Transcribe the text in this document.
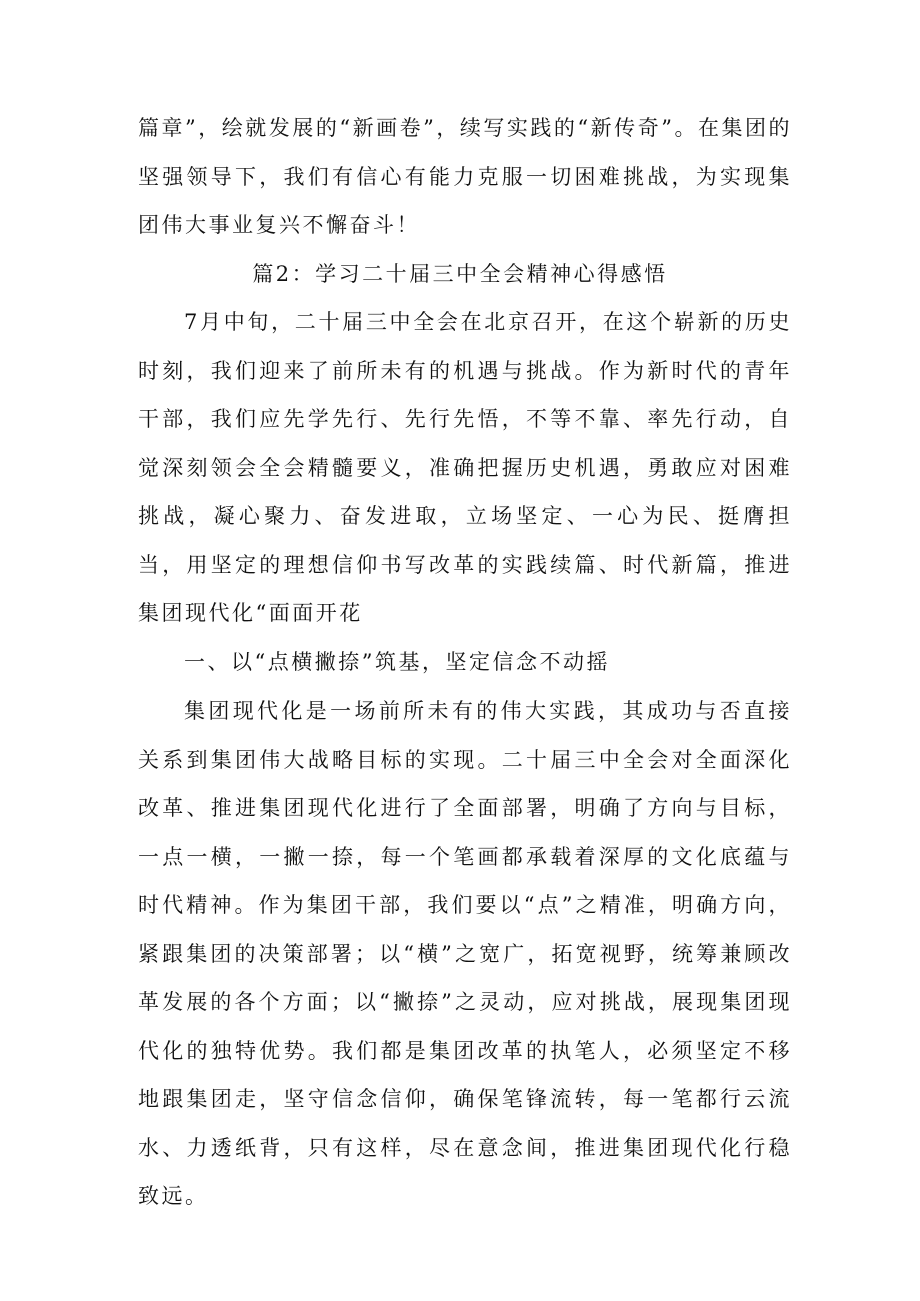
篇章”，绘就发展的“新画卷”，续写实践的“新传奇”。在集团的坚强领导下，我们有信心有能力克服一切困难挑战，为实现集团伟大事业复兴不懈奋斗！

篇2：学习二十届三中全会精神心得感悟

7月中旬，二十届三中全会在北京召开，在这个崭新的历史时刻，我们迎来了前所未有的机遇与挑战。作为新时代的青年干部，我们应先学先行、先行先悟，不等不靠、率先行动，自觉深刻领会全会精髓要义，准确把握历史机遇，勇敢应对困难挑战，凝心聚力、奋发进取，立场坚定、一心为民、挺膺担当，用坚定的理想信仰书写改革的实践续篇、时代新篇，推进集团现代化“面面开花

一、以“点横撇捺”筑基，坚定信念不动摇

集团现代化是一场前所未有的伟大实践，其成功与否直接关系到集团伟大战略目标的实现。二十届三中全会对全面深化改革、推进集团现代化进行了全面部署，明确了方向与目标，一点一横，一撇一捺，每一个笔画都承载着深厚的文化底蕴与时代精神。作为集团干部，我们要以“点”之精准，明确方向，紧跟集团的决策部署；以“横”之宽广，拓宽视野，统筹兼顾改革发展的各个方面；以“撇捺”之灵动，应对挑战，展现集团现代化的独特优势。我们都是集团改革的执笔人，必须坚定不移地跟集团走，坚守信念信仰，确保笔锋流转，每一笔都行云流水、力透纸背，只有这样，尽在意念间，推进集团现代化行稳致远。
